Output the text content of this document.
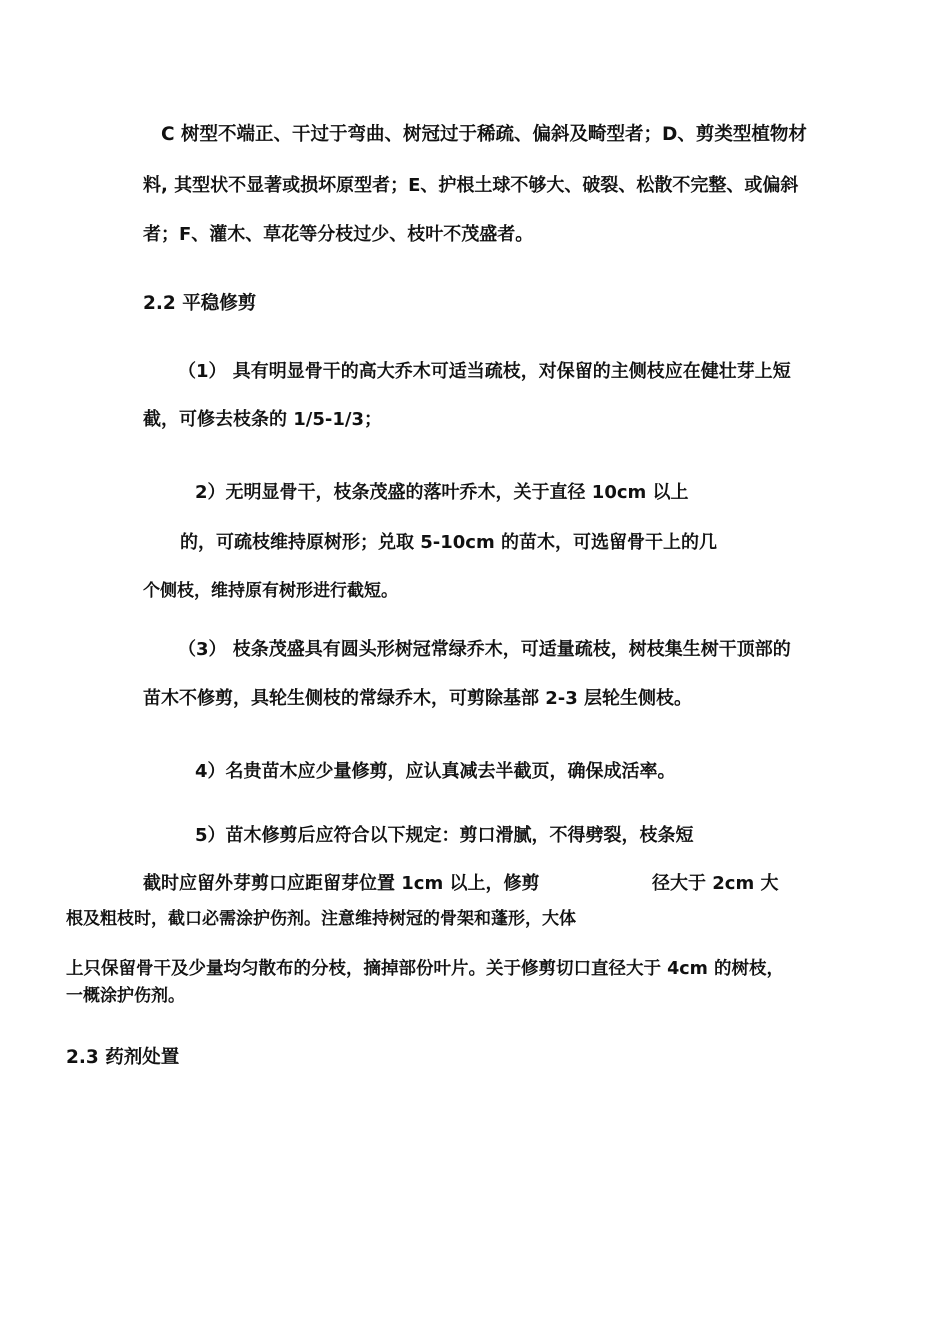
C 树型不端正、干过于弯曲、树冠过于稀疏、偏斜及畸型者；D、剪类型植物材
料, 其型状不显著或损坏原型者；E、护根土球不够大、破裂、松散不完整、或偏斜
者；F、灌木、草花等分枝过少、枝叶不茂盛者。
2.2 平稳修剪
（1） 具有明显骨干的高大乔木可适当疏枝，对保留的主侧枝应在健壮芽上短
截，可修去枝条的 1/5-1/3；
2）无明显骨干，枝条茂盛的落叶乔木，关于直径 10cm 以上
的，可疏枝维持原树形；兑取 5-10cm 的苗木，可选留骨干上的几
个侧枝，维持原有树形进行截短。
（3） 枝条茂盛具有圆头形树冠常绿乔木，可适量疏枝，树枝集生树干顶部的
苗木不修剪，具轮生侧枝的常绿乔木，可剪除基部 2-3 层轮生侧枝。
4）名贵苗木应少量修剪，应认真减去半截页，确保成活率。
5）苗木修剪后应符合以下规定：剪口滑腻，不得劈裂，枝条短
截时应留外芽剪口应距留芽位置 1cm 以上，修剪	径大于 2cm 大
根及粗枝时，截口必需涂护伤剂。注意维持树冠的骨架和蓬形，大体
上只保留骨干及少量均匀散布的分枝，摘掉部份叶片。关于修剪切口直径大于 4cm 的树枝，
一概涂护伤剂。
2.3 药剂处置
